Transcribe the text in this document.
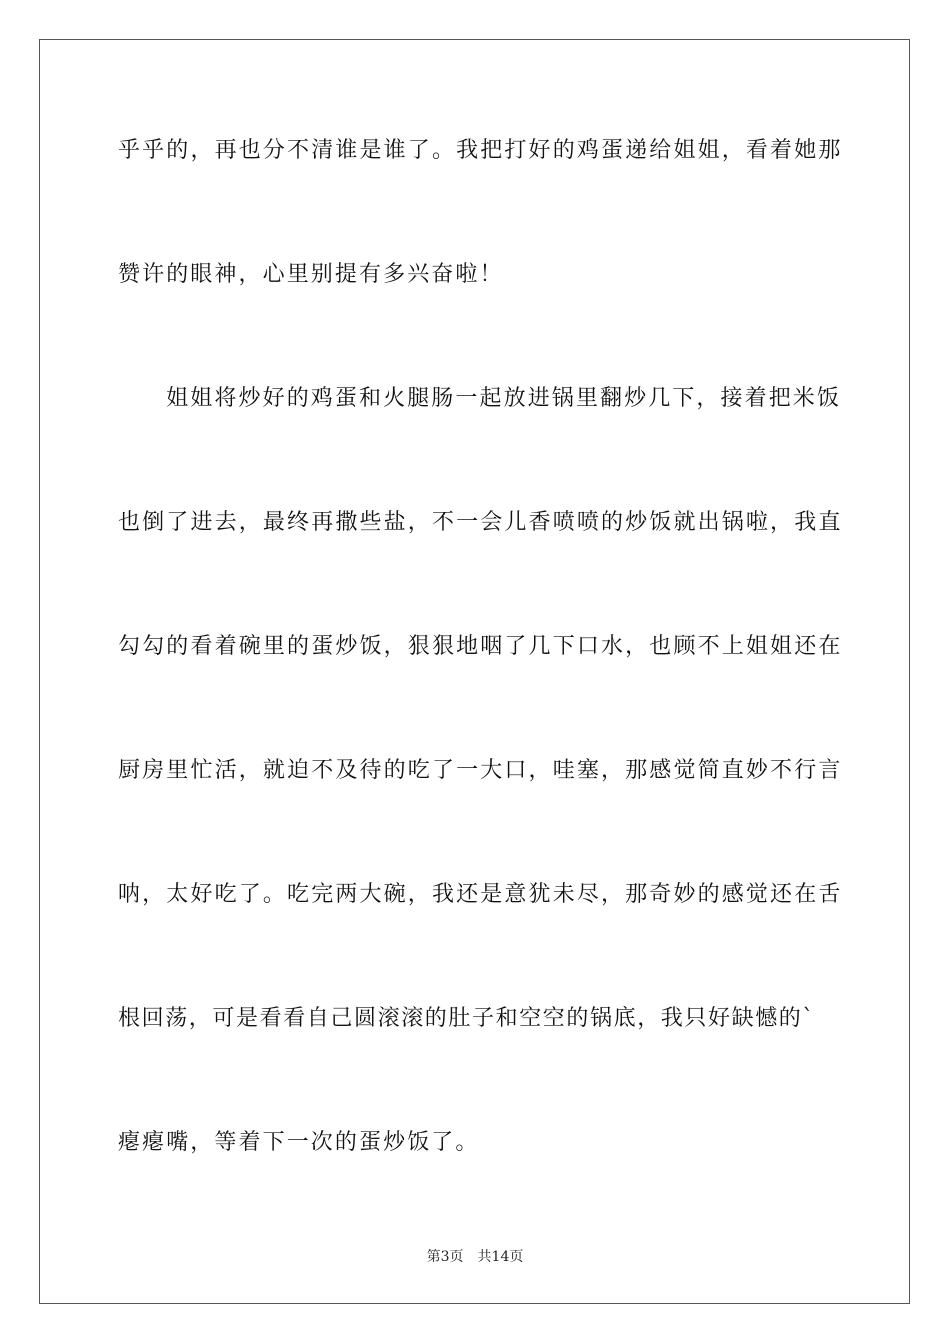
乎乎的，再也分不清谁是谁了。我把打好的鸡蛋递给姐姐，看着她那
赞许的眼神，心里别提有多兴奋啦！
　　姐姐将炒好的鸡蛋和火腿肠一起放进锅里翻炒几下，接着把米饭
也倒了进去，最终再撒些盐，不一会儿香喷喷的炒饭就出锅啦，我直
勾勾的看着碗里的蛋炒饭，狠狠地咽了几下口水，也顾不上姐姐还在
厨房里忙活，就迫不及待的吃了一大口，哇塞，那感觉简直妙不行言
呐，太好吃了。吃完两大碗，我还是意犹未尽，那奇妙的感觉还在舌
根回荡，可是看看自己圆滚滚的肚子和空空的锅底，我只好缺憾的`
瘪瘪嘴，等着下一次的蛋炒饭了。
第3页 共14页
